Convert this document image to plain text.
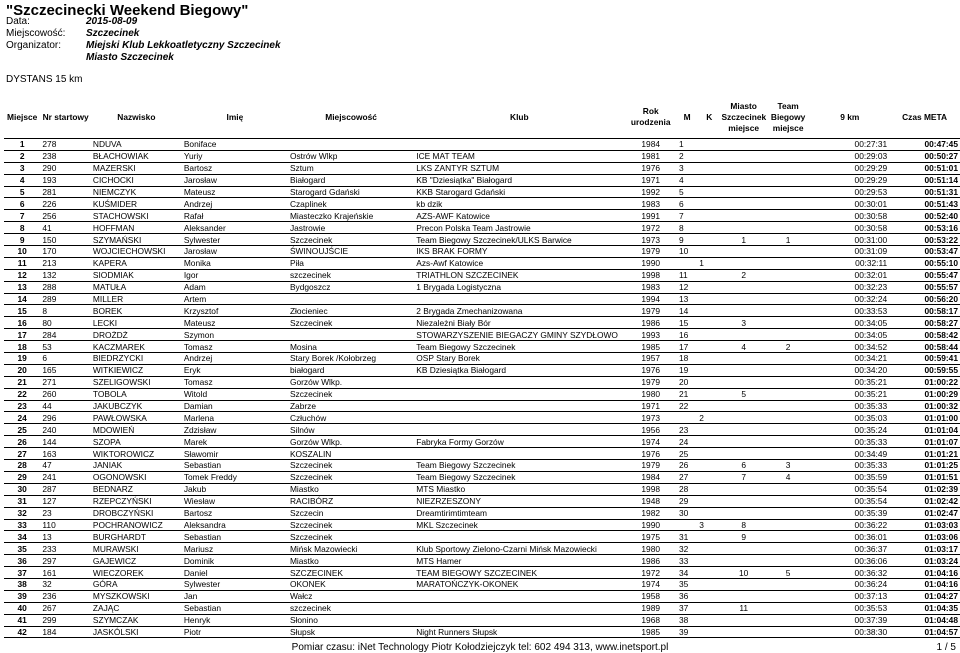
"Szczecinecki Weekend Biegowy"
Data:	2015-08-09
Miejscowość:	Szczecinek
Organizator:	Miejski Klub Lekkoatletyczny Szczecinek
Miasto Szczecinek
DYSTANS 15 km
Miejsce	Nr startowy	Nazwisko	Imię	Miejscowość	Klub	Rok urodzenia	M	K	Miasto Szczecinek miejsce	Team Biegowy miejsce	9 km	Czas META
1	278	NDUVA	Boniface			1984	1				00:27:31	00:47:45
2	238	BŁACHOWIAK	Yuriy	Ostrów Wlkp	ICE MAT TEAM	1981	2				00:29:03	00:50:27
3	290	MAZERSKI	Bartosz	Sztum	LKS ZANTYR SZTUM	1976	3				00:29:29	00:51:01
4	193	CICHOCKI	Jarosław	Białogard	KB "Dziesiątka" Białogard	1971	4				00:29:29	00:51:14
5	281	NIEMCZYK	Mateusz	Starogard Gdański	KKB Starogard Gdański	1992	5				00:29:53	00:51:31
6	226	KUŚMIDER	Andrzej	Czaplinek	kb dzik	1983	6				00:30:01	00:51:43
7	256	STACHOWSKI	Rafał	Miasteczko Krajeńskie	AZS-AWF Katowice	1991	7				00:30:58	00:52:40
8	41	HOFFMAN	Aleksander	Jastrowie	Precon Polska Team Jastrowie	1972	8				00:30:58	00:53:16
9	150	SZYMAŃSKI	Sylwester	Szczecinek	Team Biegowy Szczecinek/ULKS Barwice	1973	9		1	1	00:31:00	00:53:22
10	170	WOJCIECHOWSKI	Jarosław	ŚWINOUJŚCIE	IKS BRAK FORMY	1979	10				00:31:09	00:53:47
11	213	KAPERA	Monika	Piła	Azs-Awf Katowice	1990		1			00:32:11	00:55:10
12	132	SIODMIAK	Igor	szczecinek	TRIATHLON SZCZECINEK	1998	11		2		00:32:01	00:55:47
13	288	MATUŁA	Adam	Bydgoszcz	1 Brygada Logistyczna	1983	12				00:32:23	00:55:57
14	289	MILLER	Artem			1994	13				00:32:24	00:56:20
15	8	BOREK	Krzysztof	Złocieniec	2 Brygada Zmechanizowana	1979	14				00:33:53	00:58:17
16	80	LECKI	Mateusz	Szczecinek	Niezależni Biały Bór	1986	15		3		00:34:05	00:58:27
17	284	DROŻDŻ	Szymon		STOWARZYSZENIE BIEGACZY GMINY SZYDŁOWO	1993	16				00:34:05	00:58:42
18	53	KACZMAREK	Tomasz	Mosina	Team Biegowy Szczecinek	1985	17		4	2	00:34:52	00:58:44
19	6	BIEDRZYCKI	Andrzej	Stary Borek /Kołobrzeg	OSP Stary Borek	1957	18				00:34:21	00:59:41
20	165	WITKIEWICZ	Eryk	białogard	KB Dziesiątka Białogard	1976	19				00:34:20	00:59:55
21	271	SZELIGOWSKI	Tomasz	Gorzów Wlkp.		1979	20				00:35:21	01:00:22
22	260	TOBOLA	Witold	Szczecinek		1980	21		5		00:35:21	01:00:29
23	44	JAKUBCZYK	Damian	Zabrze		1971	22				00:35:33	01:00:32
24	296	PAWŁOWSKA	Marlena	Człuchów		1973		2			00:35:03	01:01:00
25	240	MDOWIEŃ	Zdzisław	Silnów		1956	23				00:35:24	01:01:04
26	144	SZOPA	Marek	Gorzów Wlkp.	Fabryka Formy Gorzów	1974	24				00:35:33	01:01:07
27	163	WIKTOROWICZ	Sławomir	KOSZALIN		1976	25				00:34:49	01:01:21
28	47	JANIAK	Sebastian	Szczecinek	Team Biegowy Szczecinek	1979	26		6	3	00:35:33	01:01:25
29	241	OGONOWSKI	Tomek Freddy	Szczecinek	Team Biegowy Szczecinek	1984	27		7	4	00:35:59	01:01:51
30	287	BEDNARZ	Jakub	Miastko	MTS Miastko	1998	28				00:35:54	01:02:39
31	127	RZEPCZYŃSKI	Wiesław	RACIBÓRZ	NIEZRZESZONY	1948	29				00:35:54	01:02:42
32	23	DROBCZYŃSKI	Bartosz	Szczecin	Dreamtirimtimteam	1982	30				00:35:39	01:02:47
33	110	POCHRANOWICZ	Aleksandra	Szczecinek	MKL Szczecinek	1990		3	8		00:36:22	01:03:03
34	13	BURGHARDT	Sebastian	Szczecinek		1975	31		9		00:36:01	01:03:06
35	233	MURAWSKI	Mariusz	Mińsk Mazowiecki	Klub Sportowy Zielono-Czarni Mińsk Mazowiecki	1980	32				00:36:37	01:03:17
36	297	GAJEWICZ	Dominik	Miastko	MTS Hamer	1986	33				00:36:06	01:03:24
37	161	WIECZOREK	Daniel	SZCZECINEK	TEAM BIEGOWY SZCZECINEK	1972	34		10	5	00:36:32	01:04:16
38	32	GÓRA	Sylwester	OKONEK	MARATOŃCZYK-OKONEK	1974	35				00:36:24	01:04:16
39	236	MYSZKOWSKI	Jan	Wałcz		1958	36				00:37:13	01:04:27
40	267	ZAJĄC	Sebastian	szczecinek		1989	37		11		00:35:53	01:04:35
41	299	SZYMCZAK	Henryk	Słonino		1968	38				00:37:39	01:04:48
42	184	JASKÓLSKI	Piotr	Słupsk	Night Runners Słupsk	1985	39				00:38:30	01:04:57
Pomiar czasu: iNet Technology Piotr Kołodziejczyk tel: 602 494 313, www.inetsport.pl	1 / 5
